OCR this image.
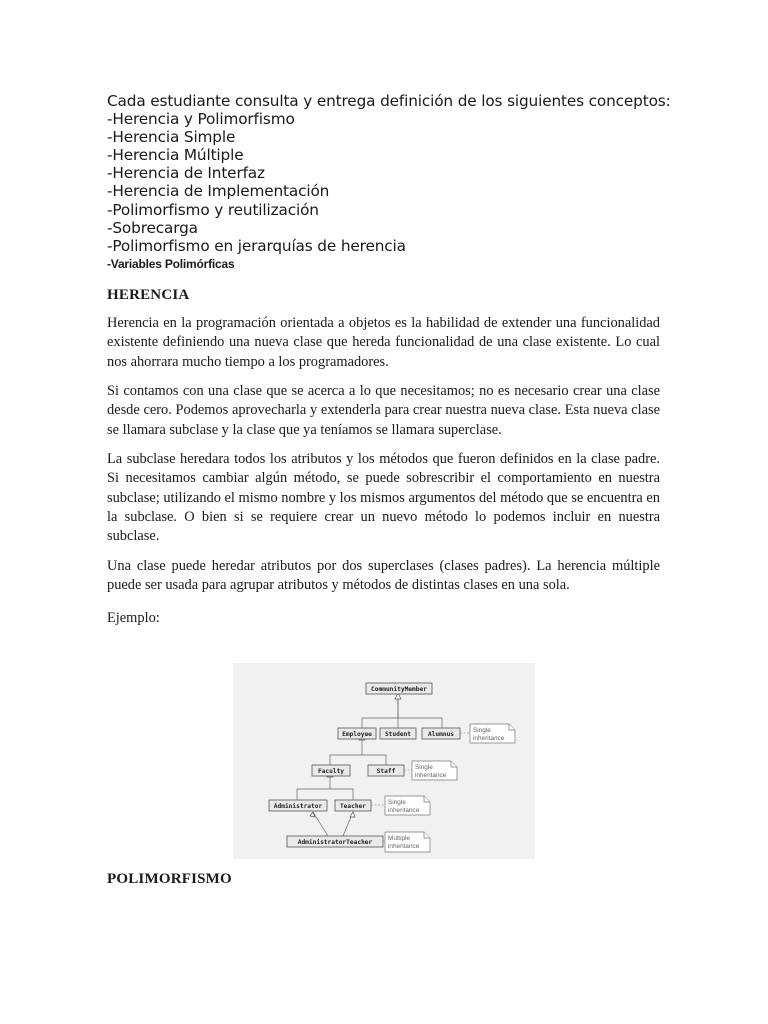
Cada estudiante consulta y entrega definición de los siguientes conceptos:
-Herencia y Polimorfismo
-Herencia Simple
-Herencia Múltiple
-Herencia de Interfaz
-Herencia de Implementación
-Polimorfismo y reutilización
-Sobrecarga
-Polimorfismo en jerarquías de herencia
-Variables Polimórficas
HERENCIA
Herencia en la programación orientada a objetos es la habilidad de extender una funcionalidad existente definiendo una nueva clase que hereda funcionalidad de una clase existente. Lo cual nos ahorrara mucho tiempo a los programadores.
Si contamos con una clase que se acerca a lo que necesitamos; no es necesario crear una clase desde cero. Podemos aprovecharla y extenderla para crear nuestra nueva clase. Esta nueva clase se llamara subclase y la clase que ya teníamos se llamara superclase.
La subclase heredara todos los atributos y los métodos que fueron definidos en la clase padre. Si necesitamos cambiar algún método, se puede sobrescribir el comportamiento en nuestra subclase; utilizando el mismo nombre y los mismos argumentos del método que se encuentra en la subclase. O bien si se requiere crear un nuevo método lo podemos incluir en nuestra subclase.
Una clase puede heredar atributos por dos superclases (clases padres). La herencia múltiple puede ser usada para agrupar atributos y métodos de distintas clases en una sola.
Ejemplo:
CommunityMember
Employee Student	Alumnus
Faculty	Staff
Administrator	Teacher
AdministratorTeacher
Single
inheritance
Single
inheritance
Single
inheritance
Multiple
inheritance
POLIMORFISMO
